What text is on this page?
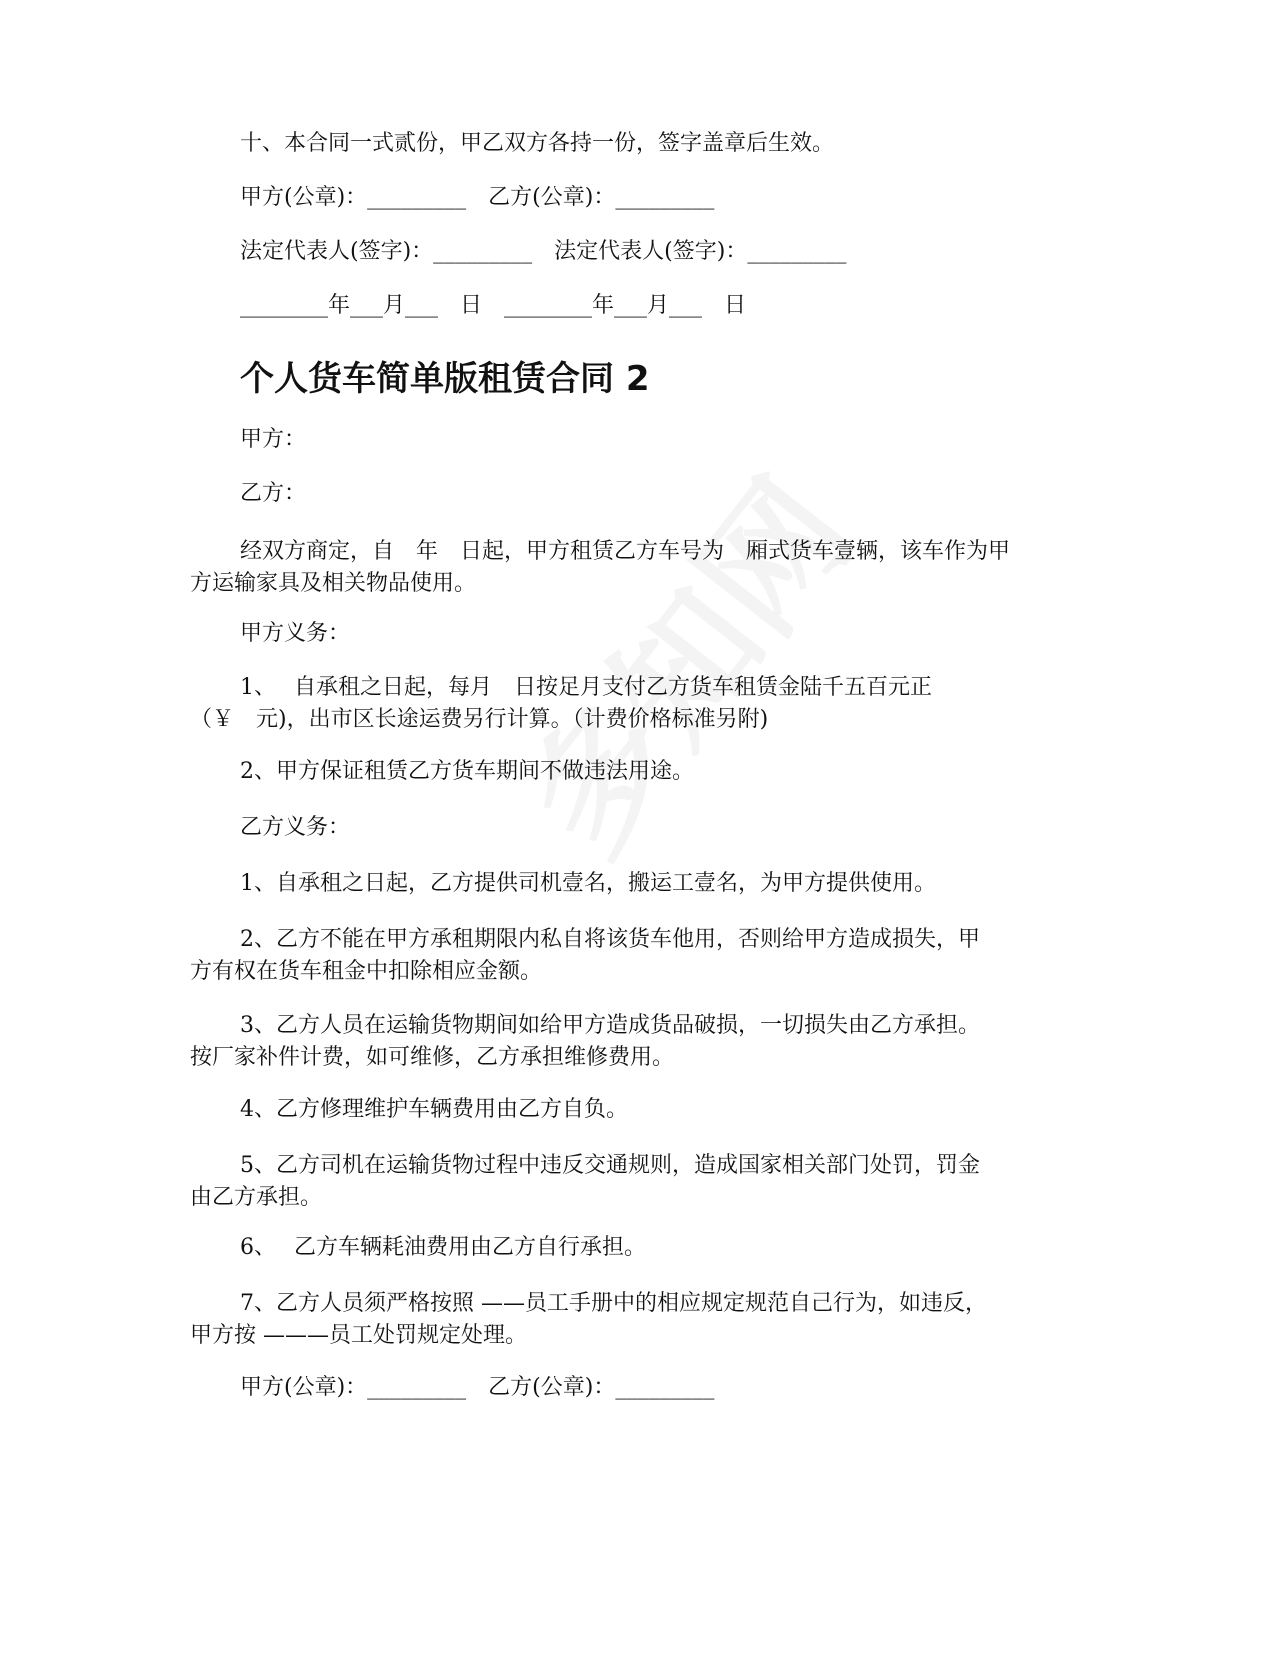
十、本合同一式贰份，甲乙双方各持一份，签字盖章后生效。
甲方(公章)：_________　乙方(公章)：_________
法定代表人(签字)：_________　法定代表人(签字)：_________
________年___月___　日　________年___月___　日
个人货车简单版租赁合同 2
甲方：
乙方：
经双方商定，自　年　日起，甲方租赁乙方车号为　厢式货车壹辆，该车作为甲
方运输家具及相关物品使用。
甲方义务：
1、　 自承租之日起，每月　日按足月支付乙方货车租赁金陆千五百元正
（￥　元)，出市区长途运费另行计算。（计费价格标准另附)
2、甲方保证租赁乙方货车期间不做违法用途。
乙方义务：
1、自承租之日起，乙方提供司机壹名，搬运工壹名，为甲方提供使用。
2、乙方不能在甲方承租期限内私自将该货车他用，否则给甲方造成损失，甲
方有权在货车租金中扣除相应金额。
3、乙方人员在运输货物期间如给甲方造成货品破损，一切损失由乙方承担。
按厂家补件计费，如可维修，乙方承担维修费用。
4、乙方修理维护车辆费用由乙方自负。
5、乙方司机在运输货物过程中违反交通规则，造成国家相关部门处罚，罚金
由乙方承担。
6、　 乙方车辆耗油费用由乙方自行承担。
7、乙方人员须严格按照 ——员工手册中的相应规定规范自己行为，如违反，
甲方按 ———员工处罚规定处理。
甲方(公章)：_________　乙方(公章)：_________
